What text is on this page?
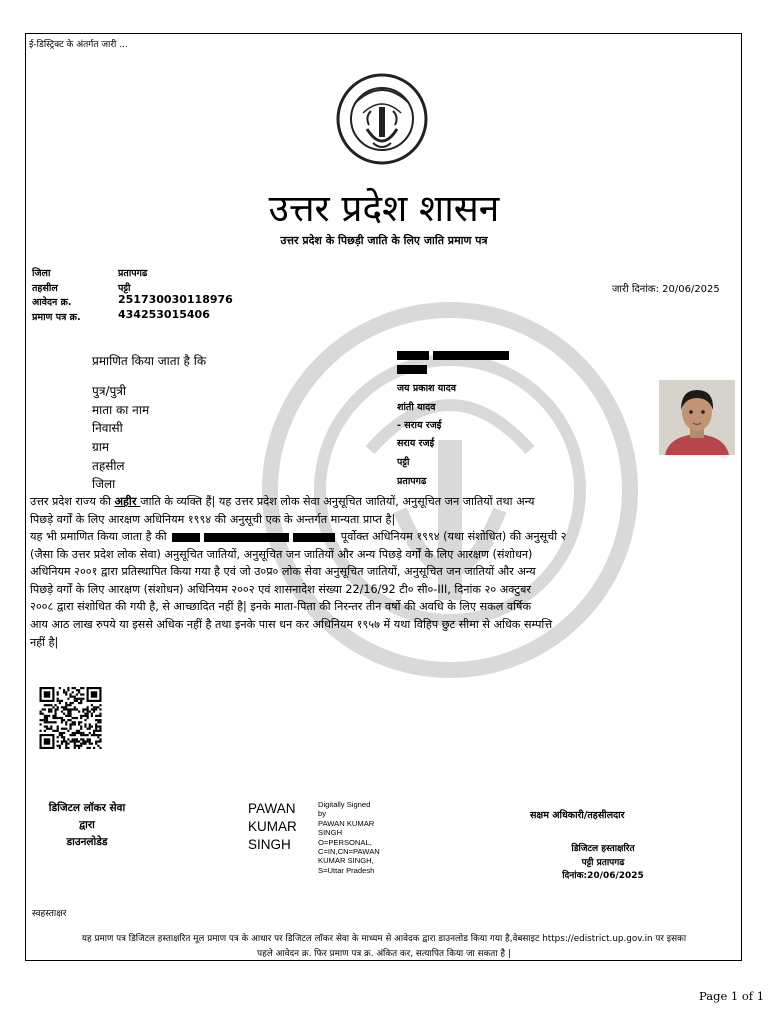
ई-डिस्ट्रिक्ट के अंतर्गत जारी ...
उत्तर प्रदेश शासन
उत्तर प्रदेश के पिछड़ी जाति के लिए जाति प्रमाण पत्र
जिला	प्रतापगढ
तहसील	पट्टी
आवेदन क्र.	251730030118976
प्रमाण पत्र क्र.	434253015406
जारी दिनांक: 20/06/2025
प्रमाणित किया जाता है कि

पुत्र/पुत्री	जय प्रकाश यादव
माता का नाम	शांती यादव
निवासी	- सराय रजई
ग्राम	सराय रजई
तहसील	पट्टी
जिला	प्रतापगढ
उत्तर प्रदेश राज्य की अहीर जाति के व्यक्ति हैं| यह उत्तर प्रदेश लोक सेवा अनुसूचित जातियों, अनुसूचित जन जातियों तथा अन्य
पिछड़े वर्गों के लिए आरक्षण अधिनियम १९९४ की अनुसूची एक के अन्तर्गत मान्यता प्राप्त है|
यह भी प्रमाणित किया जाता है की	पूर्वोक्त अधिनियम १९९४ (यथा संशोधित) की अनुसूची २
(जैसा कि उत्तर प्रदेश लोक सेवा) अनुसूचित जातियों, अनुसूचित जन जातियों और अन्य पिछड़े वर्गों के लिए आरक्षण (संशोधन)
अधिनियम २००१ द्वारा प्रतिस्थापित किया गया है एवं जो उ०प्र० लोक सेवा अनुसूचित जातियों, अनुसूचित जन जातियों और अन्य
पिछड़े वर्गों के लिए आरक्षण (संशोधन) अधिनियम २००२ एवं शासनादेश संख्या 22/16/92 टी० सी०-III, दिनांक २० अक्टुबर
२००८ द्वारा संशोधित की गयी है, से आच्छादित नहीं है| इनके माता-पिता की निरन्तर तीन वर्षो की अवधि के लिए सकल वर्षिक
आय आठ लाख रुपये या इससे अधिक नहीं है तथा इनके पास धन कर अधिनियम १९५७ में यथा विहिप छुट सीमा से अधिक सम्पत्ति
नहीं है|
डिजिटल लॉकर सेवा
द्वारा
डाउनलोडेड
PAWAN
KUMAR
SINGH
Digitally Signed
by
PAWAN KUMAR
SINGH
O=PERSONAL,
C=IN,CN=PAWAN
KUMAR SINGH,
S=Uttar Pradesh
सक्षम अधिकारी/तहसीलदार
डिजिटल हस्ताक्षरित
पट्टी प्रतापगढ
दिनांक:20/06/2025
स्वहस्ताक्षर
यह प्रमाण पत्र डिजिटल हस्ताक्षरित मूल प्रमाण पत्र के आधार पर डिजिटल लॉकर सेवा के माध्यम से आवेदक द्वारा डाउनलोड किया गया है,वेबसाइट https://edistrict.up.gov.in पर इसका
पहले आवेदन क्र. फिर प्रमाण पत्र क्र. अंकित कर, सत्यापित किया जा सकता है |
Page 1 of 1
